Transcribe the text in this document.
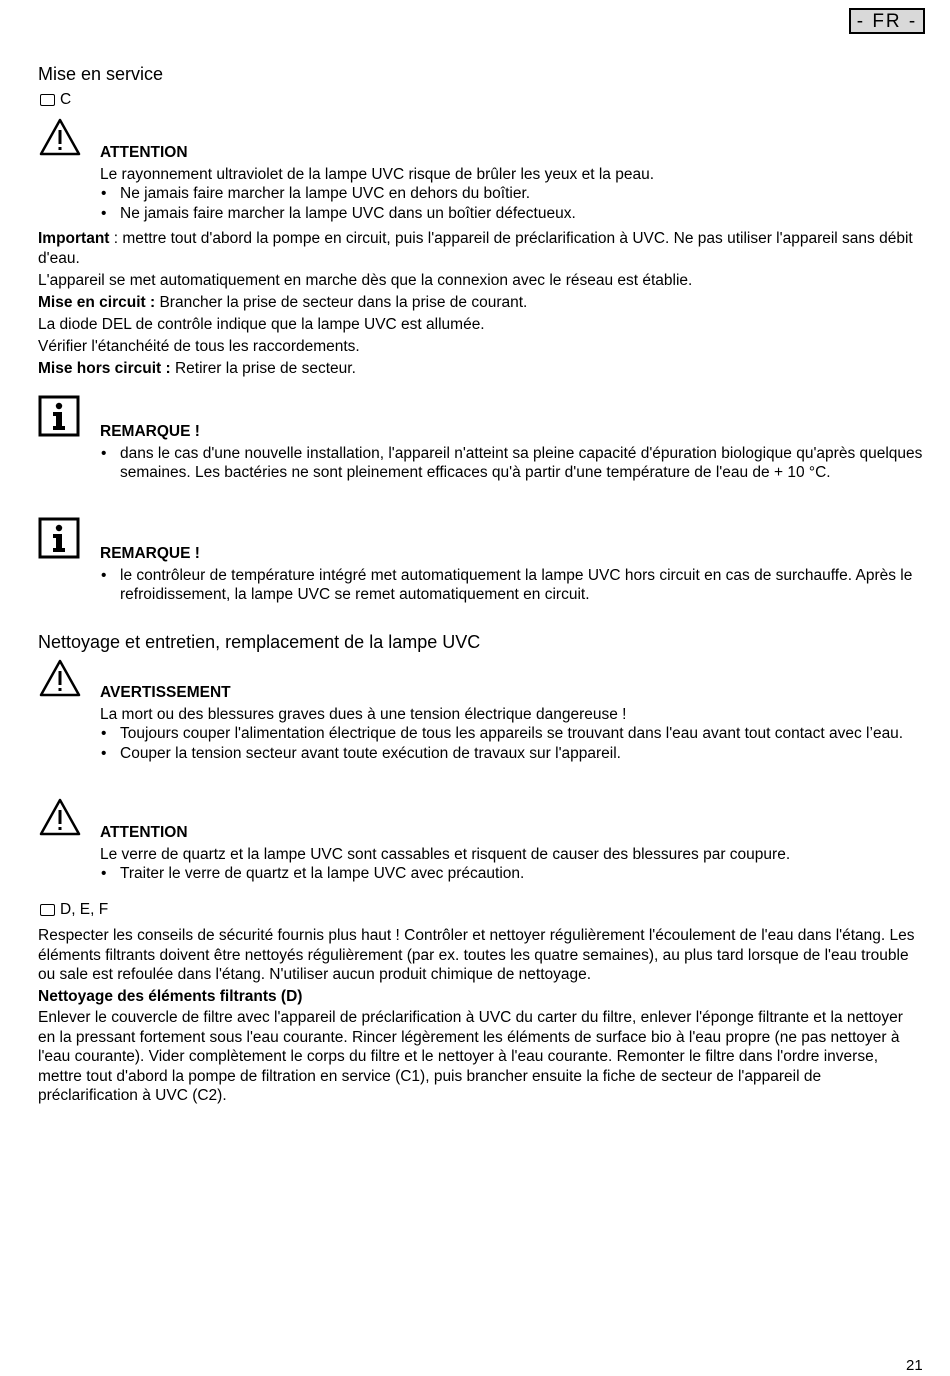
- FR -
Mise en service
C
ATTENTION
Le rayonnement ultraviolet de la lampe UVC risque de brûler les yeux et la peau.
• Ne jamais faire marcher la lampe UVC en dehors du boîtier.
• Ne jamais faire marcher la lampe UVC dans un boîtier défectueux.
Important : mettre tout d'abord la pompe en circuit, puis l'appareil de préclarification à UVC. Ne pas utiliser l'appareil sans débit d'eau.
L'appareil se met automatiquement en marche dès que la connexion avec le réseau est établie.
Mise en circuit : Brancher la prise de secteur dans la prise de courant.
La diode DEL de contrôle indique que la lampe UVC est allumée.
Vérifier l'étanchéité de tous les raccordements.
Mise hors circuit : Retirer la prise de secteur.
REMARQUE !
• dans le cas d'une nouvelle installation, l'appareil n'atteint sa pleine capacité d'épuration biologique qu'après quelques semaines. Les bactéries ne sont pleinement efficaces qu'à partir d'une température de l'eau de + 10 °C.
REMARQUE !
• le contrôleur de température intégré met automatiquement la lampe UVC hors circuit en cas de surchauffe. Après le refroidissement, la lampe UVC se remet automatiquement en circuit.
Nettoyage et entretien, remplacement de la lampe UVC
AVERTISSEMENT
La mort ou des blessures graves dues à une tension électrique dangereuse !
• Toujours couper l'alimentation électrique de tous les appareils se trouvant dans l'eau avant tout contact avec l’eau.
• Couper la tension secteur avant toute exécution de travaux sur l'appareil.
ATTENTION
Le verre de quartz et la lampe UVC sont cassables et risquent de causer des blessures par coupure.
• Traiter le verre de quartz et la lampe UVC avec précaution.
D, E, F
Respecter les conseils de sécurité fournis plus haut ! Contrôler et nettoyer régulièrement l'écoulement de l'eau dans l'étang. Les éléments filtrants doivent être nettoyés régulièrement (par ex. toutes les quatre semaines), au plus tard lorsque de l'eau trouble ou sale est refoulée dans l'étang. N'utiliser aucun produit chimique de nettoyage.
Nettoyage des éléments filtrants (D)
Enlever le couvercle de filtre avec l'appareil de préclarification à UVC du carter du filtre, enlever l'éponge filtrante et la nettoyer en la pressant fortement sous l'eau courante. Rincer légèrement les éléments de surface bio à l'eau propre (ne pas nettoyer à l'eau courante). Vider complètement le corps du filtre et le nettoyer à l'eau courante. Remonter le filtre dans l'ordre inverse, mettre tout d'abord la pompe de filtration en service (C1), puis brancher ensuite la fiche de secteur de l'appareil de préclarification à UVC (C2).
21
